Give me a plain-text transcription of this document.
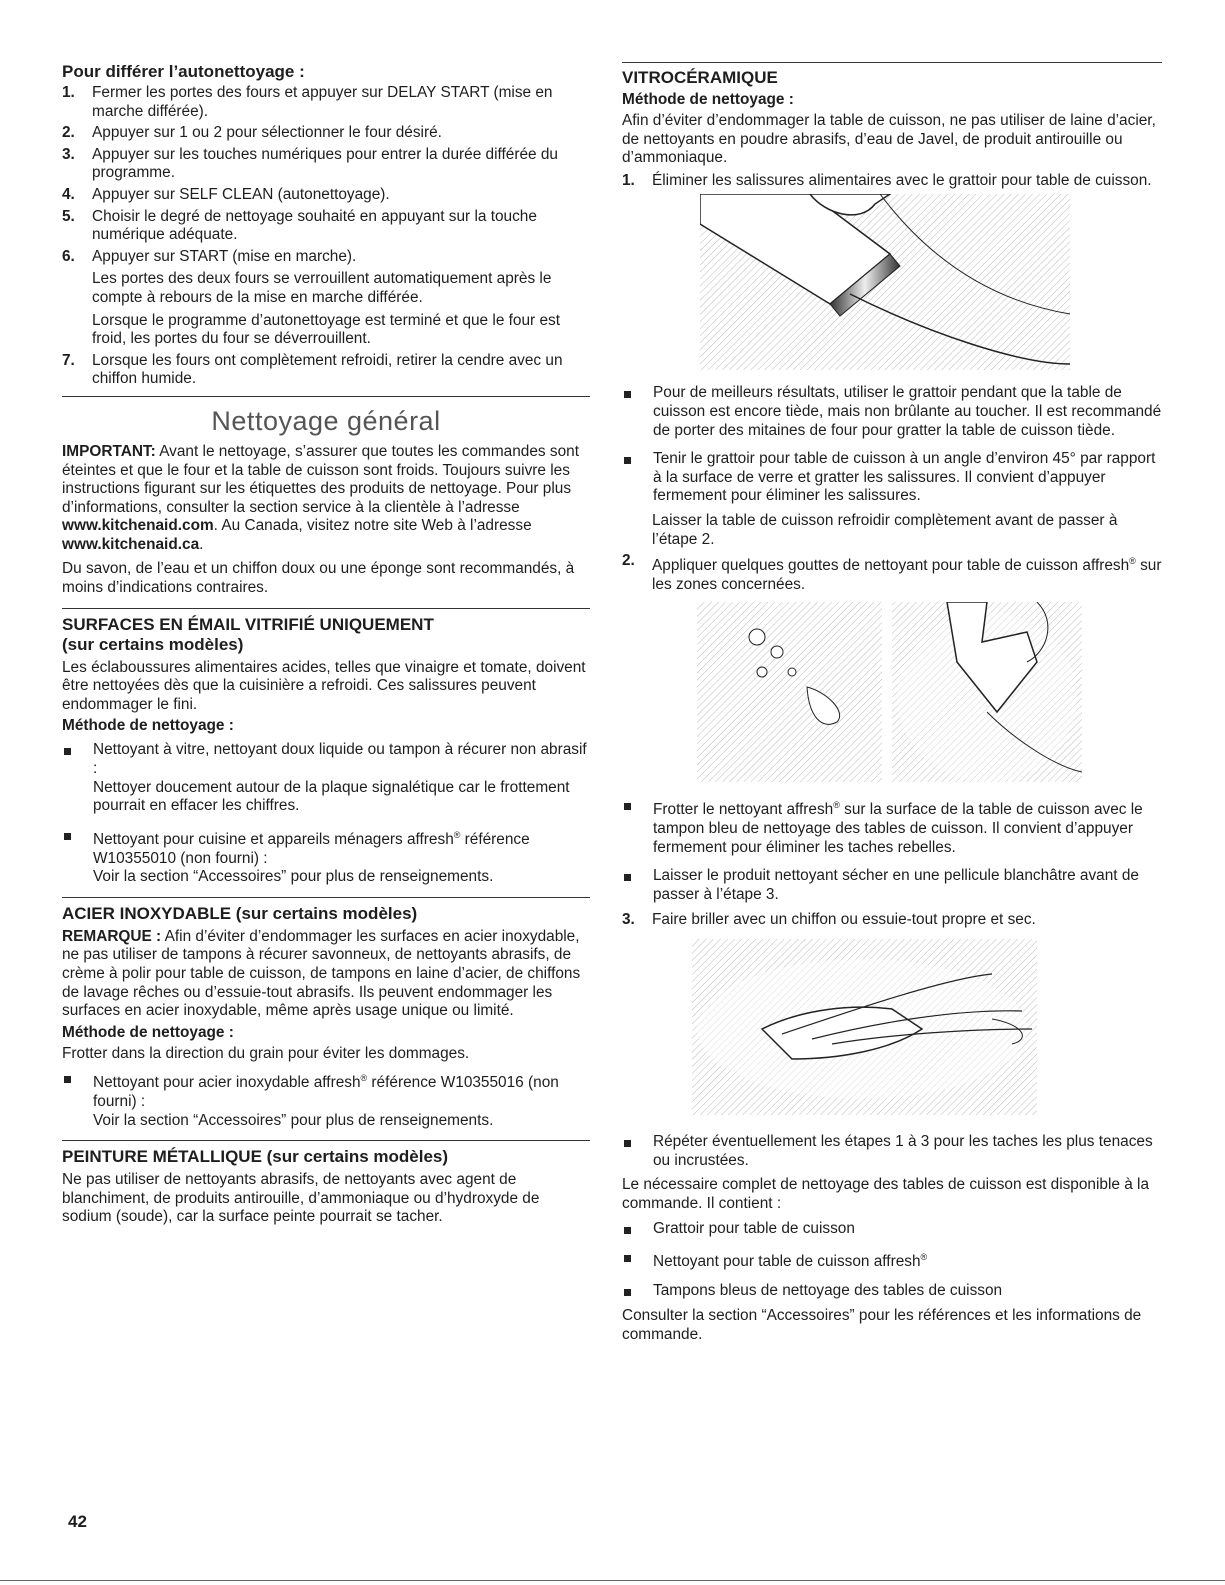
Pour différer l’autonettoyage :
1. Fermer les portes des fours et appuyer sur DELAY START (mise en marche différée).
2. Appuyer sur 1 ou 2 pour sélectionner le four désiré.
3. Appuyer sur les touches numériques pour entrer la durée différée du programme.
4. Appuyer sur SELF CLEAN (autonettoyage).
5. Choisir le degré de nettoyage souhaité en appuyant sur la touche numérique adéquate.
6. Appuyer sur START (mise en marche).
Les portes des deux fours se verrouillent automatiquement après le compte à rebours de la mise en marche différée.
Lorsque le programme d’autonettoyage est terminé et que le four est froid, les portes du four se déverrouillent.
7. Lorsque les fours ont complètement refroidi, retirer la cendre avec un chiffon humide.
Nettoyage général

IMPORTANT: Avant le nettoyage, s’assurer que toutes les commandes sont éteintes et que le four et la table de cuisson sont froids. Toujours suivre les instructions figurant sur les étiquettes des produits de nettoyage. Pour plus d’informations, consulter la section service à la clientèle à l’adresse www.kitchenaid.com. Au Canada, visitez notre site Web à l’adresse www.kitchenaid.ca.

Du savon, de l’eau et un chiffon doux ou une éponge sont recommandés, à moins d’indications contraires.

SURFACES EN ÉMAIL VITRIFIÉ UNIQUEMENT
(sur certains modèles)

Les éclaboussures alimentaires acides, telles que vinaigre et tomate, doivent être nettoyées dès que la cuisinière a refroidi. Ces salissures peuvent endommager le fini.

Méthode de nettoyage :
Nettoyant à vitre, nettoyant doux liquide ou tampon à récurer non abrasif :
Nettoyer doucement autour de la plaque signalétique car le frottement pourrait en effacer les chiffres.
Nettoyant pour cuisine et appareils ménagers affresh® référence W10355010 (non fourni) :
Voir la section “Accessoires” pour plus de renseignements.
ACIER INOXYDABLE (sur certains modèles)

REMARQUE : Afin d’éviter d’endommager les surfaces en acier inoxydable, ne pas utiliser de tampons à récurer savonneux, de nettoyants abrasifs, de crème à polir pour table de cuisson, de tampons en laine d’acier, de chiffons de lavage rêches ou d’essuie-tout abrasifs. Ils peuvent endommager les surfaces en acier inoxydable, même après usage unique ou limité.

Méthode de nettoyage :

Frotter dans la direction du grain pour éviter les dommages.

Nettoyant pour acier inoxydable affresh® référence W10355016 (non fourni) :
Voir la section “Accessoires” pour plus de renseignements.
PEINTURE MÉTALLIQUE (sur certains modèles)

Ne pas utiliser de nettoyants abrasifs, de nettoyants avec agent de blanchiment, de produits antirouille, d’ammoniaque ou d’hydroxyde de sodium (soude), car la surface peinte pourrait se tacher.

VITROCÉRAMIQUE
Méthode de nettoyage :

Afin d’éviter d’endommager la table de cuisson, ne pas utiliser de laine d’acier, de nettoyants en poudre abrasifs, d’eau de Javel, de produit antirouille ou d’ammoniaque.

1. Éliminer les salissures alimentaires avec le grattoir pour table de cuisson.
Pour de meilleurs résultats, utiliser le grattoir pendant que la table de cuisson est encore tiède, mais non brûlante au toucher. Il est recommandé de porter des mitaines de four pour gratter la table de cuisson tiède.
Tenir le grattoir pour table de cuisson à un angle d’environ 45° par rapport à la surface de verre et gratter les salissures. Il convient d’appuyer fermement pour éliminer les salissures.

Laisser la table de cuisson refroidir complètement avant de passer à l’étape 2.

2. Appliquer quelques gouttes de nettoyant pour table de cuisson affresh® sur les zones concernées.
Frotter le nettoyant affresh® sur la surface de la table de cuisson avec le tampon bleu de nettoyage des tables de cuisson. Il convient d’appuyer fermement pour éliminer les taches rebelles.
Laisser le produit nettoyant sécher en une pellicule blanchâtre avant de passer à l’étape 3.
3. Faire briller avec un chiffon ou essuie-tout propre et sec.
Répéter éventuellement les étapes 1 à 3 pour les taches les plus tenaces ou incrustées.

Le nécessaire complet de nettoyage des tables de cuisson est disponible à la commande. Il contient :

Grattoir pour table de cuisson
Nettoyant pour table de cuisson affresh®
Tampons bleus de nettoyage des tables de cuisson

Consulter la section “Accessoires” pour les références et les informations de commande.

42
